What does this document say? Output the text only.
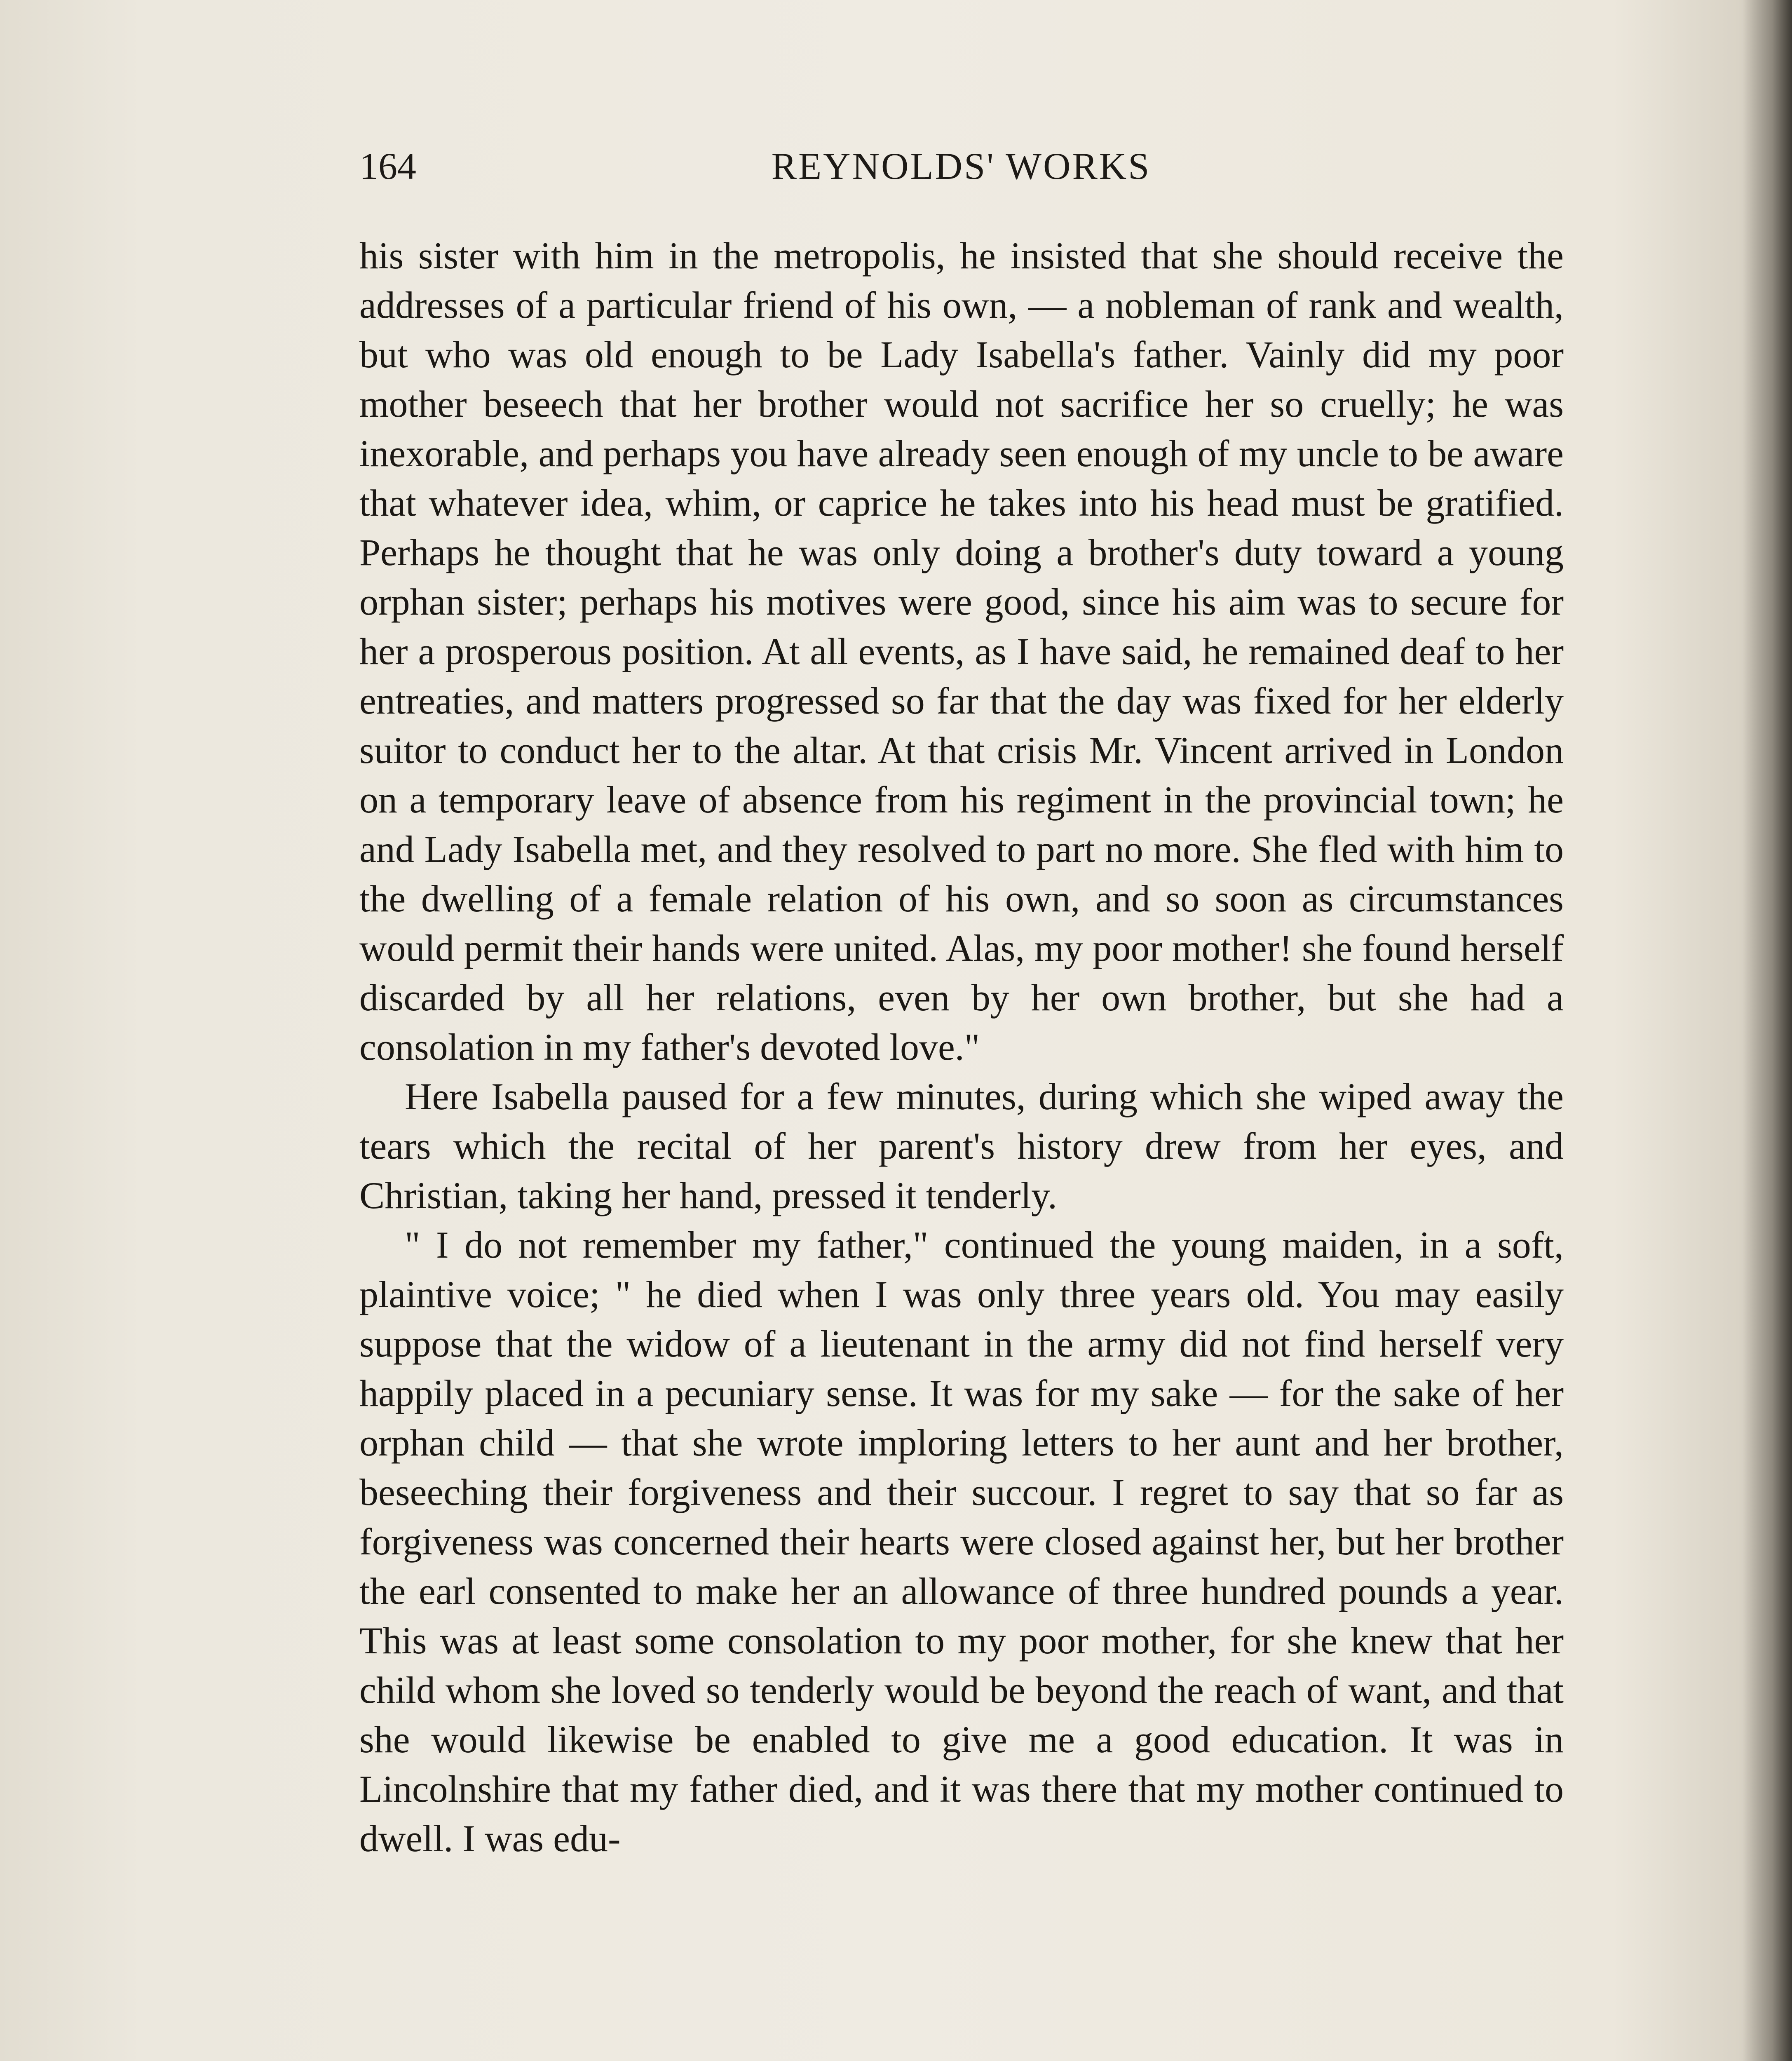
164	REYNOLDS' WORKS

his sister with him in the metropolis, he insisted that she should receive the addresses of a particular friend of his own, — a nobleman of rank and wealth, but who was old enough to be Lady Isabella's father. Vainly did my poor mother beseech that her brother would not sacrifice her so cruelly; he was inexorable, and perhaps you have already seen enough of my uncle to be aware that whatever idea, whim, or caprice he takes into his head must be gratified. Perhaps he thought that he was only doing a brother's duty toward a young orphan sister; perhaps his motives were good, since his aim was to secure for her a prosperous position. At all events, as I have said, he remained deaf to her entreaties, and matters progressed so far that the day was fixed for her elderly suitor to conduct her to the altar. At that crisis Mr. Vincent arrived in London on a temporary leave of absence from his regiment in the provincial town; he and Lady Isabella met, and they resolved to part no more. She fled with him to the dwelling of a female relation of his own, and so soon as circumstances would permit their hands were united. Alas, my poor mother! she found herself discarded by all her relations, even by her own brother, but she had a consolation in my father's devoted love."

Here Isabella paused for a few minutes, during which she wiped away the tears which the recital of her parent's history drew from her eyes, and Christian, taking her hand, pressed it tenderly.

" I do not remember my father," continued the young maiden, in a soft, plaintive voice; " he died when I was only three years old. You may easily suppose that the widow of a lieutenant in the army did not find herself very happily placed in a pecuniary sense. It was for my sake — for the sake of her orphan child — that she wrote imploring letters to her aunt and her brother, beseeching their forgiveness and their succour. I regret to say that so far as forgiveness was concerned their hearts were closed against her, but her brother the earl consented to make her an allowance of three hundred pounds a year. This was at least some consolation to my poor mother, for she knew that her child whom she loved so tenderly would be beyond the reach of want, and that she would likewise be enabled to give me a good education. It was in Lincolnshire that my father died, and it was there that my mother continued to dwell. I was edu-
